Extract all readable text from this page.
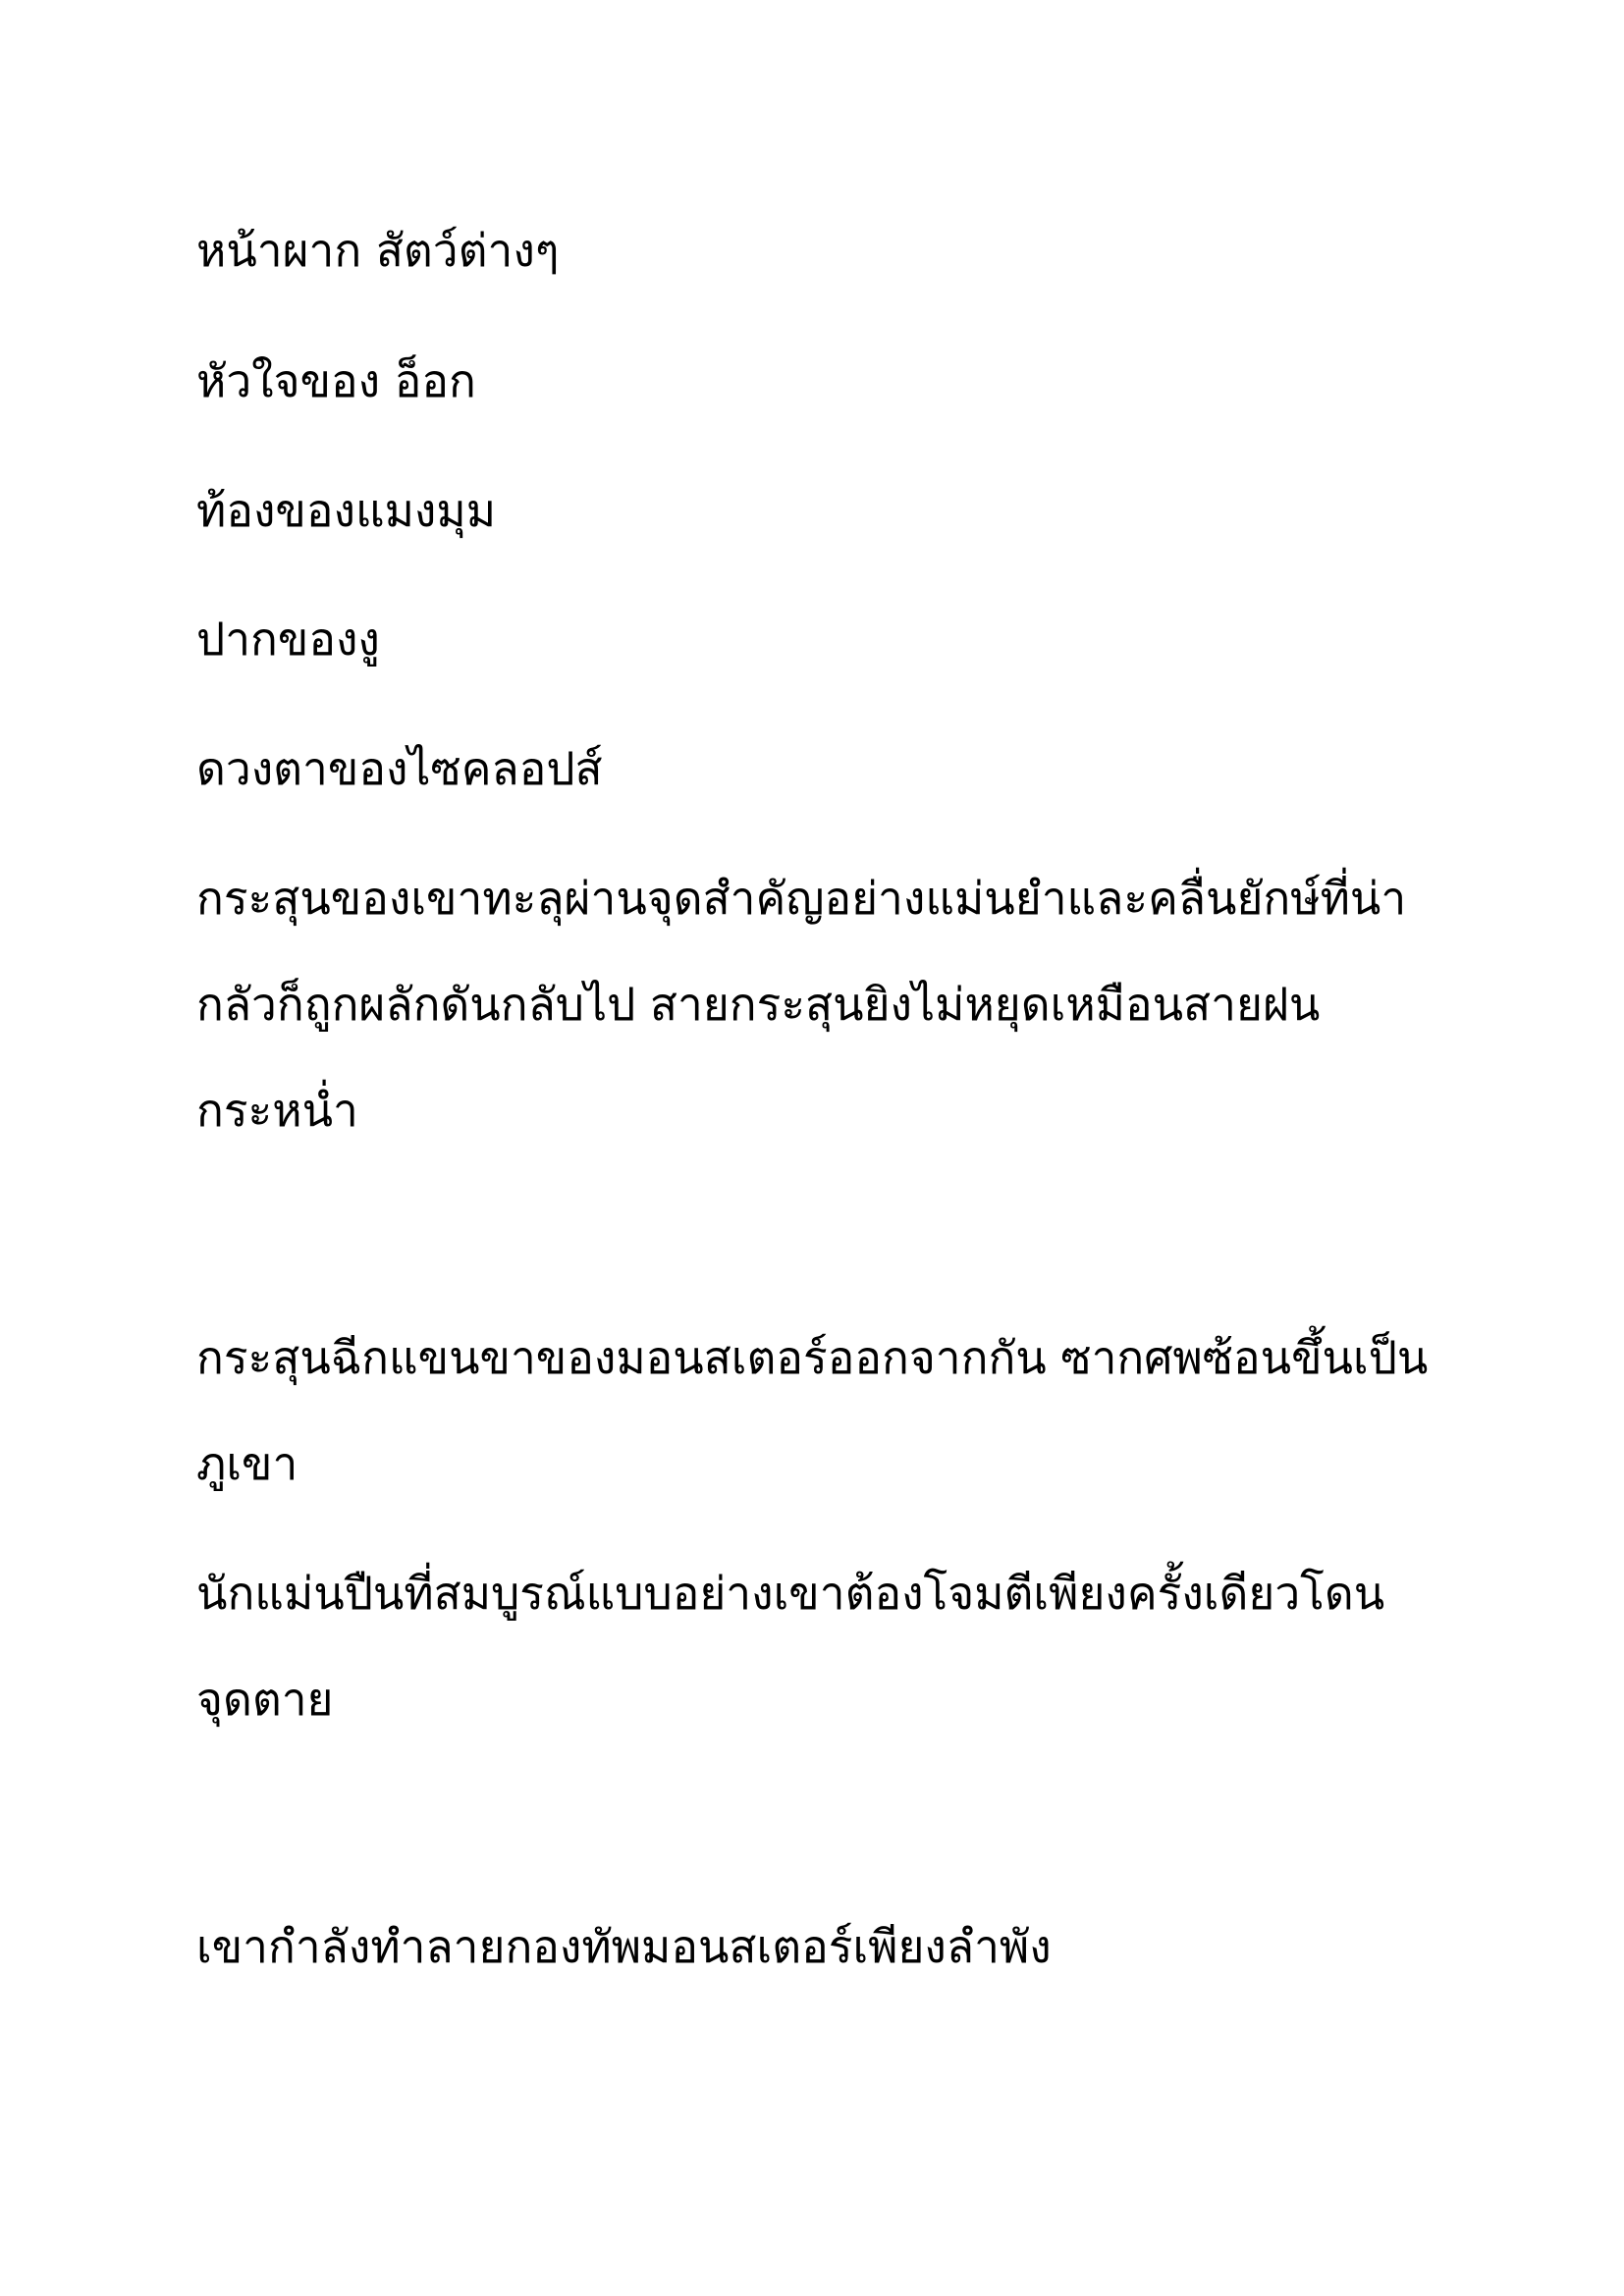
หน้าผาก สัตว์ต่างๆ
หัวใจของ อ็อก
ท้องของแมงมุม
ปากของงู
ดวงตาของไซคลอปส์
กระสุนของเขาทะลุผ่านจุดสำคัญอย่างแม่นยำและคลื่นยักษ์ที่น่า
กลัวก็ถูกผลักดันกลับไป สายกระสุนยิงไม่หยุดเหมือนสายฝน
กระหน่ำ
กระสุนฉีกแขนขาของมอนสเตอร์ออกจากกัน ซากศพซ้อนขึ้นเป็น
ภูเขา
นักแม่นปืนที่สมบูรณ์แบบอย่างเขาต้องโจมตีเพียงครั้งเดียวโดน
จุดตาย
เขากำลังทำลายกองทัพมอนสเตอร์เพียงลำพัง
